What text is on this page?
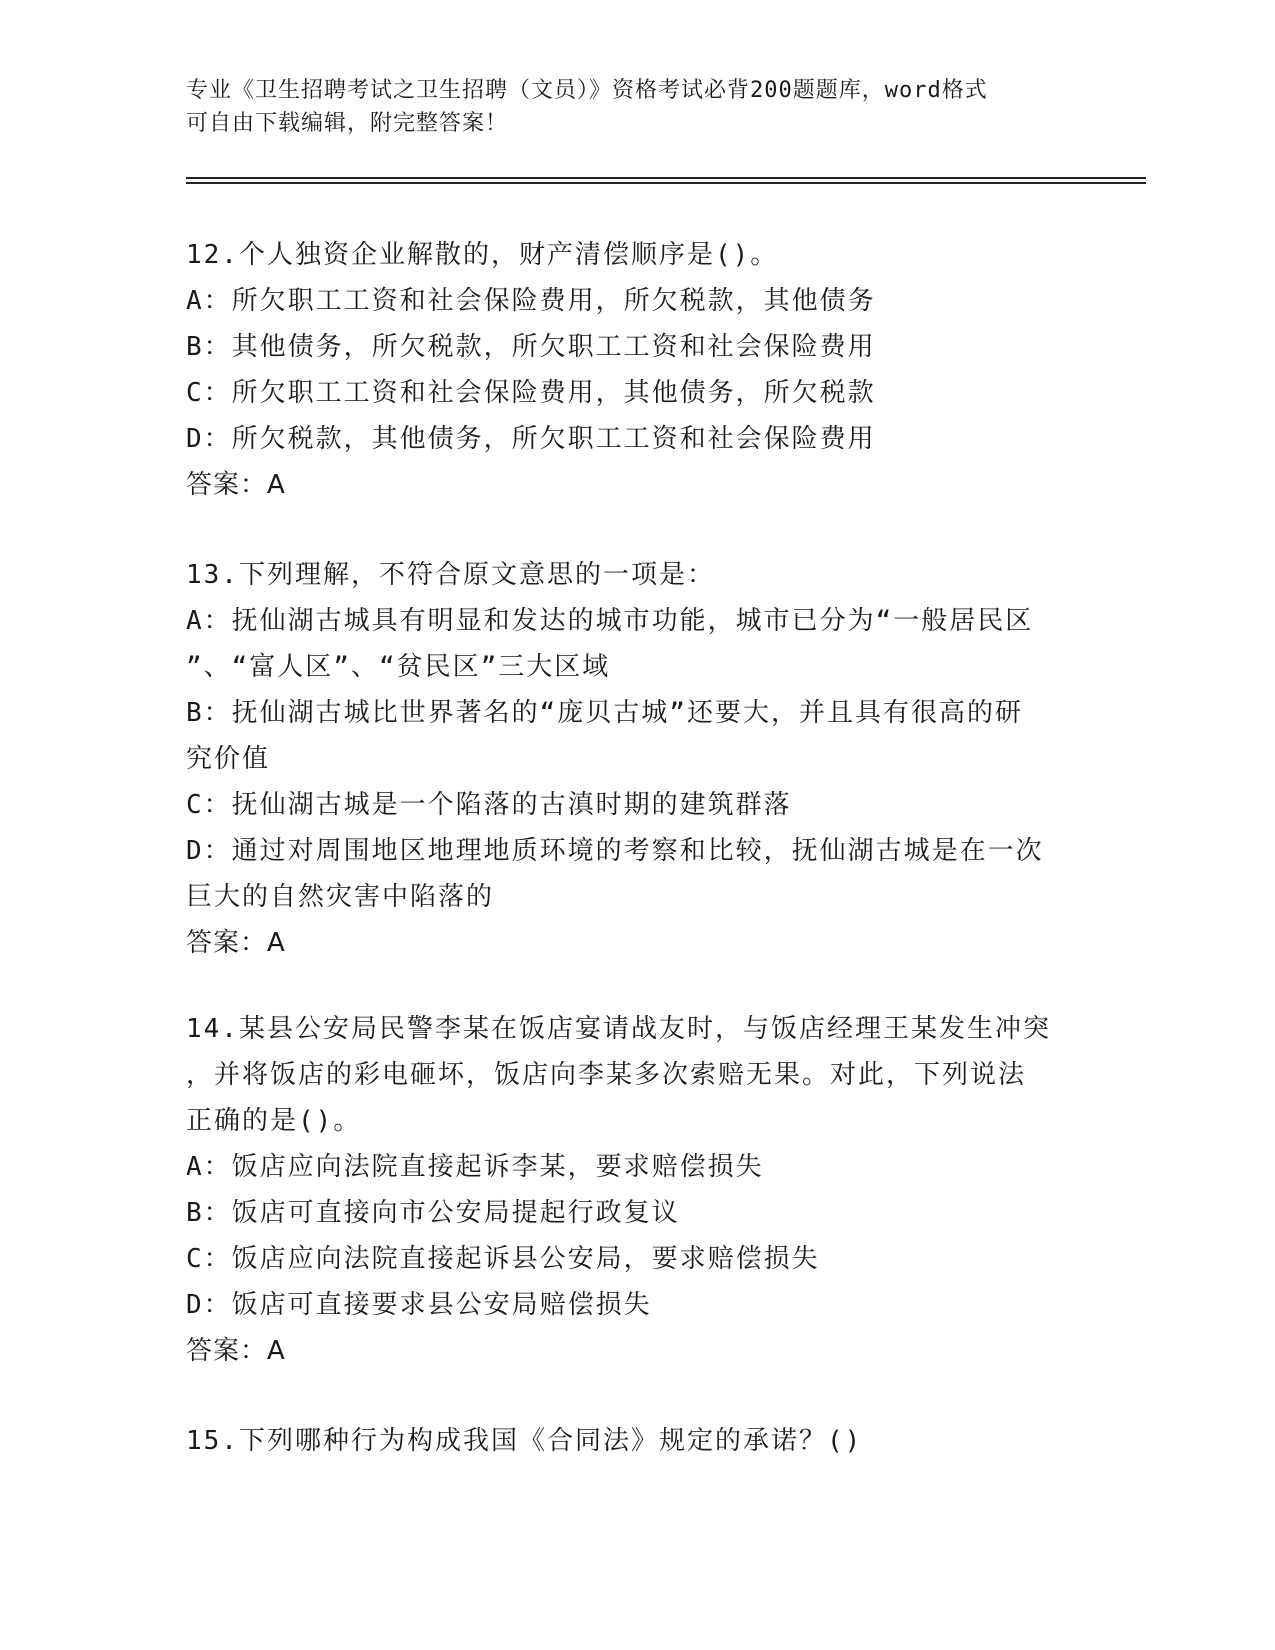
专业《卫生招聘考试之卫生招聘（文员）》资格考试必背200题题库，word格式
可自由下载编辑，附完整答案！
12.个人独资企业解散的，财产清偿顺序是()。
A：所欠职工工资和社会保险费用，所欠税款，其他债务
B：其他债务，所欠税款，所欠职工工资和社会保险费用
C：所欠职工工资和社会保险费用，其他债务，所欠税款
D：所欠税款，其他债务，所欠职工工资和社会保险费用
答案：A
13.下列理解，不符合原文意思的一项是：
A：抚仙湖古城具有明显和发达的城市功能，城市已分为“一般居民区
”、“富人区”、“贫民区”三大区域
B：抚仙湖古城比世界著名的“庞贝古城”还要大，并且具有很高的研
究价值
C：抚仙湖古城是一个陷落的古滇时期的建筑群落
D：通过对周围地区地理地质环境的考察和比较，抚仙湖古城是在一次
巨大的自然灾害中陷落的
答案：A
14.某县公安局民警李某在饭店宴请战友时，与饭店经理王某发生冲突
，并将饭店的彩电砸坏，饭店向李某多次索赔无果。对此，下列说法
正确的是()。
A：饭店应向法院直接起诉李某，要求赔偿损失
B：饭店可直接向市公安局提起行政复议
C：饭店应向法院直接起诉县公安局，要求赔偿损失
D：饭店可直接要求县公安局赔偿损失
答案：A
15.下列哪种行为构成我国《合同法》规定的承诺？()
